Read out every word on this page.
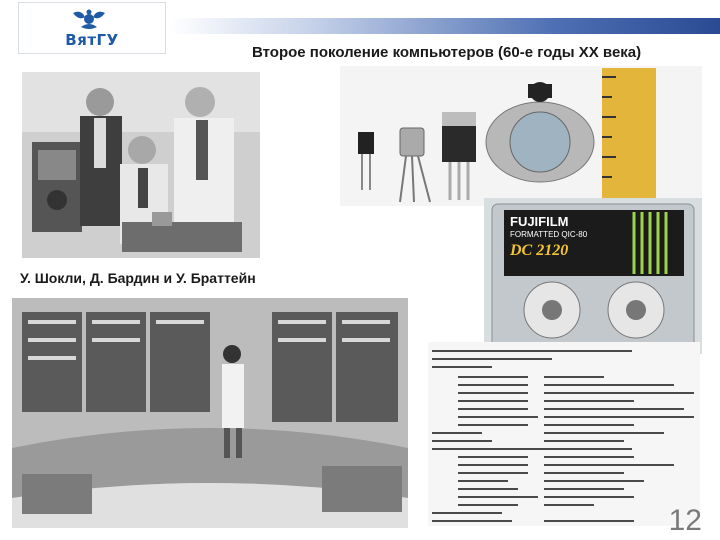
ВятГУ
Второе поколение компьютеров (60-е годы XX века)
FUJIFILM
FORMATTED QIC-80
DC 2120
У. Шокли, Д. Бардин и У. Браттейн
12
